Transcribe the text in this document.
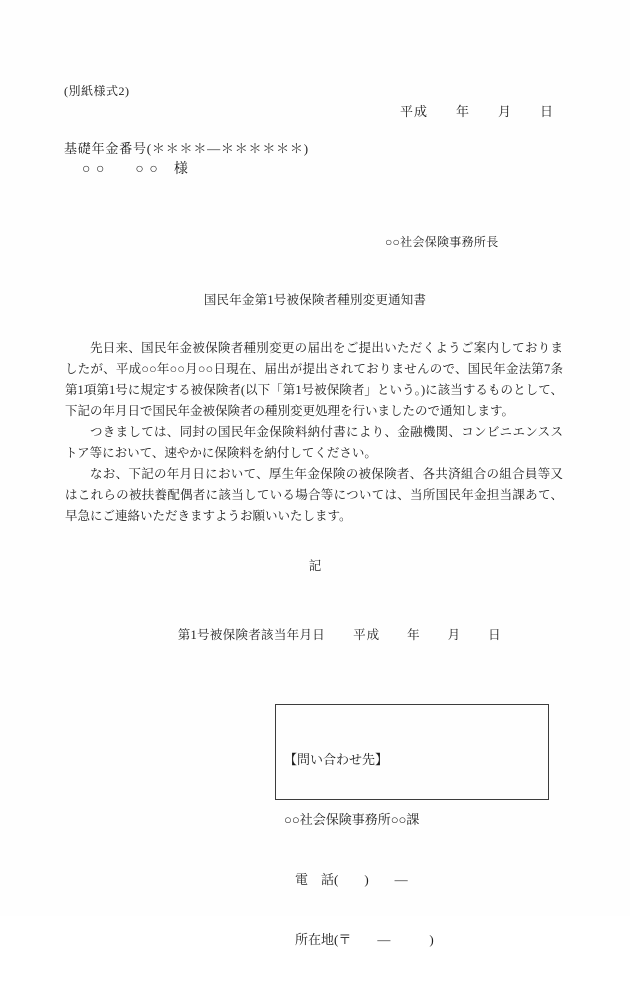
(別紙様式2)
平成　　年　　月　　日
基礎年金番号(＊＊＊＊―＊＊＊＊＊＊)
○ ○　　○ ○　様
○○社会保険事務所長
国民年金第1号被保険者種別変更通知書

先日来、国民年金被保険者種別変更の届出をご提出いただくようご案内しておりましたが、平成○○年○○月○○日現在、届出が提出されておりませんので、国民年金法第7条第1項第1号に規定する被保険者(以下「第1号被保険者」という。)に該当するものとして、下記の年月日で国民年金被保険者の種別変更処理を行いましたので通知します。

つきましては、同封の国民年金保険料納付書により、金融機関、コンビニエンスストア等において、速やかに保険料を納付してください。

なお、下記の年月日において、厚生年金保険の被保険者、各共済組合の組合員等又はこれらの被扶養配偶者に該当している場合等については、当所国民年金担当課あて、早急にご連絡いただきますようお願いいたします。

記

第1号被保険者該当年月日 平成　　年　　月　　日

【問い合わせ先】

○○社会保険事務所○○課

電　話(　　)　　―

所在地(〒　　―　　　)
